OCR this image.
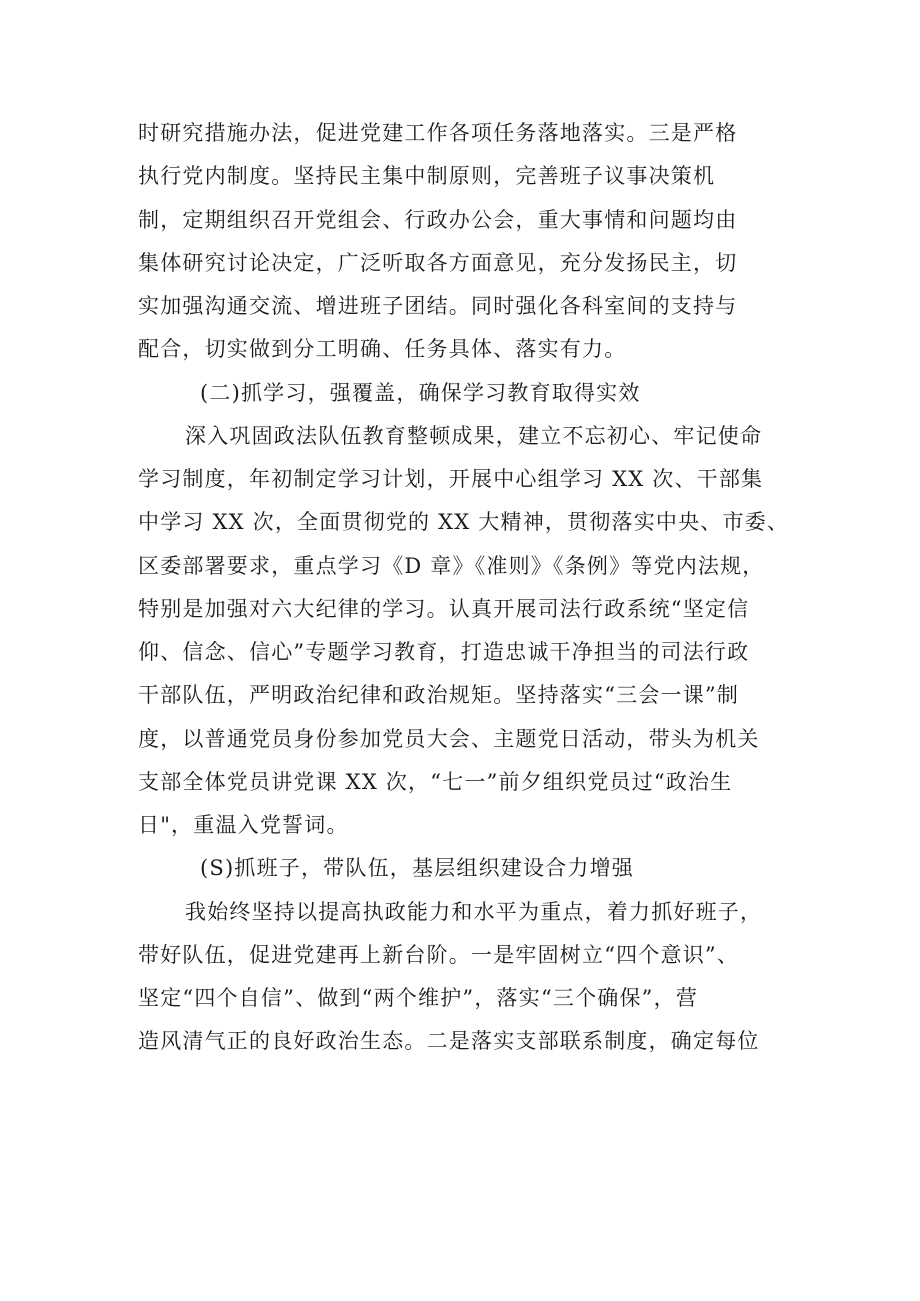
时研究措施办法，促进党建工作各项任务落地落实。三是严格
执行党内制度。坚持民主集中制原则，完善班子议事决策机
制，定期组织召开党组会、行政办公会，重大事情和问题均由
集体研究讨论决定，广泛听取各方面意见，充分发扬民主，切
实加强沟通交流、增进班子团结。同时强化各科室间的支持与
配合，切实做到分工明确、任务具体、落实有力。
(二)抓学习，强覆盖，确保学习教育取得实效
深入巩固政法队伍教育整顿成果，建立不忘初心、牢记使命
学习制度，年初制定学习计划，开展中心组学习 XX 次、干部集
中学习 XX 次，全面贯彻党的 XX 大精神，贯彻落实中央、市委、
区委部署要求，重点学习《D 章》《准则》《条例》等党内法规，
特别是加强对六大纪律的学习。认真开展司法行政系统“坚定信
仰、信念、信心”专题学习教育，打造忠诚干净担当的司法行政
干部队伍，严明政治纪律和政治规矩。坚持落实“三会一课”制
度，以普通党员身份参加党员大会、主题党日活动，带头为机关
支部全体党员讲党课 XX 次，“七一”前夕组织党员过“政治生
日"，重温入党誓词。
(S)抓班子，带队伍，基层组织建设合力增强
我始终坚持以提高执政能力和水平为重点，着力抓好班子，
带好队伍，促进党建再上新台阶。一是牢固树立“四个意识”、
坚定“四个自信”、做到“两个维护”，落实“三个确保”，营
造风清气正的良好政治生态。二是落实支部联系制度，确定每位
